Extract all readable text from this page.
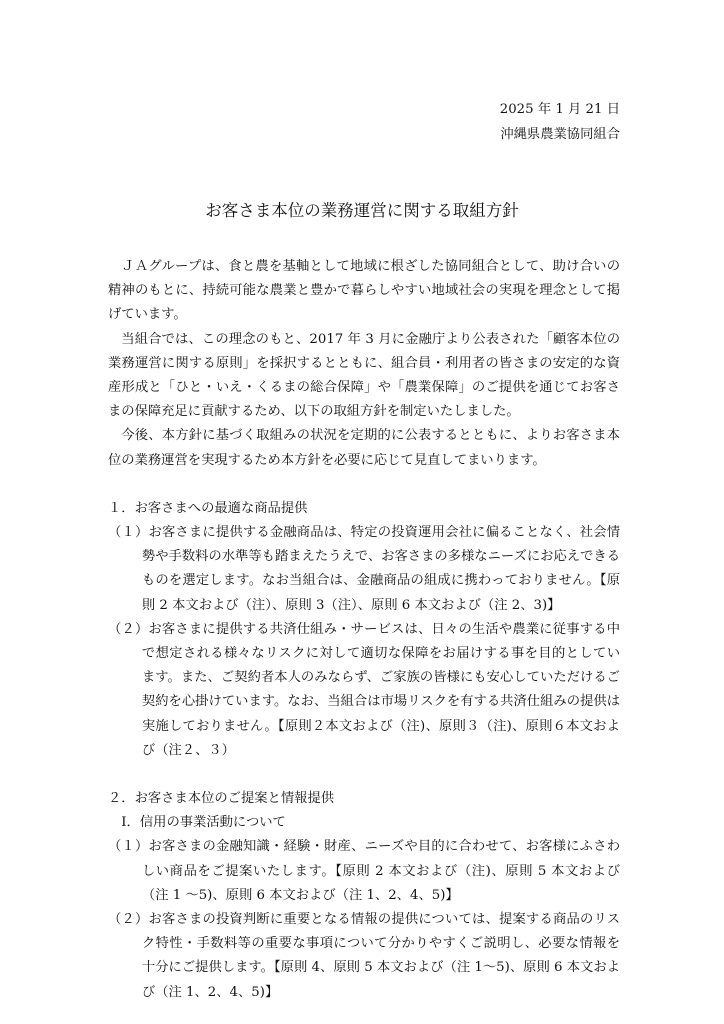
2025 年 1 月 21 日
沖縄県農業協同組合
お客さま本位の業務運営に関する取組方針

ＪＡグループは、食と農を基軸として地域に根ざした協同組合として、助け合いの精神のもとに、持続可能な農業と豊かで暮らしやすい地域社会の実現を理念として掲げています。

当組合では、この理念のもと、2017 年 3 月に金融庁より公表された「顧客本位の業務運営に関する原則」を採択するとともに、組合員・利用者の皆さまの安定的な資産形成と「ひと・いえ・くるまの総合保障」や「農業保障」のご提供を通じてお客さまの保障充足に貢献するため、以下の取組方針を制定いたしました。

今後、本方針に基づく取組みの状況を定期的に公表するとともに、よりお客さま本位の業務運営を実現するため本方針を必要に応じて見直してまいります。

１．お客さまへの最適な商品提供

（１）お客さまに提供する金融商品は、特定の投資運用会社に偏ることなく、社会情勢や手数料の水準等も踏まえたうえで、お客さまの多様なニーズにお応えできるものを選定します。なお当組合は、金融商品の組成に携わっておりません。【原則 2 本文および（注）、原則 3（注）、原則 6 本文および（注 2、3)】

（２）お客さまに提供する共済仕組み・サービスは、日々の生活や農業に従事する中で想定される様々なリスクに対して適切な保障をお届けする事を目的としています。また、ご契約者本人のみならず、ご家族の皆様にも安心していただけるご契約を心掛けています。なお、当組合は市場リスクを有する共済仕組みの提供は実施しておりません。【原則２本文および（注)、原則３（注)、原則６本文および（注２、３）

２．お客さま本位のご提案と情報提供

Ⅰ．信用の事業活動について

（１）お客さまの金融知識・経験・財産、ニーズや目的に合わせて、お客様にふさわしい商品をご提案いたします。【原則 2 本文および（注)、原則 5 本文および（注 1 ～5)、原則 6 本文および（注 1、2、4、5)】

（２）お客さまの投資判断に重要となる情報の提供については、提案する商品のリスク特性・手数料等の重要な事項について分かりやすくご説明し、必要な情報を十分にご提供します。【原則 4、原則 5 本文および（注 1～5)、原則 6 本文および（注 1、2、4、5)】
